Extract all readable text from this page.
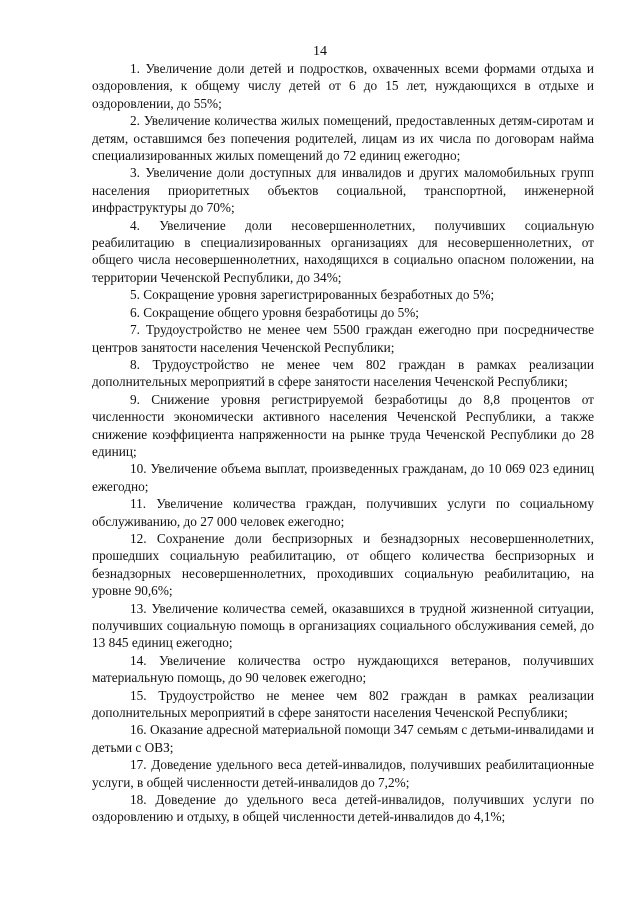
14

1. Увеличение доли детей и подростков, охваченных всеми формами отдыха и оздоровления, к общему числу детей от 6 до 15 лет, нуждающихся в отдыхе и оздоровлении, до 55%;

2. Увеличение количества жилых помещений, предоставленных детям-сиротам и детям, оставшимся без попечения родителей, лицам из их числа по договорам найма специализированных жилых помещений до 72 единиц ежегодно;

3. Увеличение доли доступных для инвалидов и других маломобильных групп населения приоритетных объектов социальной, транспортной, инженерной инфраструктуры до 70%;

4. Увеличение доли несовершеннолетних, получивших социальную реабилитацию в специализированных организациях для несовершеннолетних, от общего числа несовершеннолетних, находящихся в социально опасном положении, на территории Чеченской Республики, до 34%;

5. Сокращение уровня зарегистрированных безработных до 5%;

6. Сокращение общего уровня безработицы до 5%;

7. Трудоустройство не менее чем 5500 граждан ежегодно при посредничестве центров занятости населения Чеченской Республики;

8. Трудоустройство не менее чем 802 граждан в рамках реализации дополнительных мероприятий в сфере занятости населения Чеченской Республики;

9. Снижение уровня регистрируемой безработицы до 8,8 процентов от численности экономически активного населения Чеченской Республики, а также снижение коэффициента напряженности на рынке труда Чеченской Республики до 28 единиц;

10. Увеличение объема выплат, произведенных гражданам, до 10 069 023 единиц ежегодно;

11. Увеличение количества граждан, получивших услуги по социальному обслуживанию, до 27 000 человек ежегодно;

12. Сохранение доли беспризорных и безнадзорных несовершеннолетних, прошедших социальную реабилитацию, от общего количества беспризорных и безнадзорных несовершеннолетних, проходивших социальную реабилитацию, на уровне 90,6%;

13. Увеличение количества семей, оказавшихся в трудной жизненной ситуации, получивших социальную помощь в организациях социального обслуживания семей, до 13 845 единиц ежегодно;

14. Увеличение количества остро нуждающихся ветеранов, получивших материальную помощь, до 90 человек ежегодно;

15. Трудоустройство не менее чем 802 граждан в рамках реализации дополнительных мероприятий в сфере занятости населения Чеченской Республики;

16. Оказание адресной материальной помощи 347 семьям с детьми-инвалидами и детьми с ОВЗ;

17. Доведение удельного веса детей-инвалидов, получивших реабилитационные услуги, в общей численности детей-инвалидов до 7,2%;

18. Доведение до удельного веса детей-инвалидов, получивших услуги по оздоровлению и отдыху, в общей численности детей-инвалидов до 4,1%;
